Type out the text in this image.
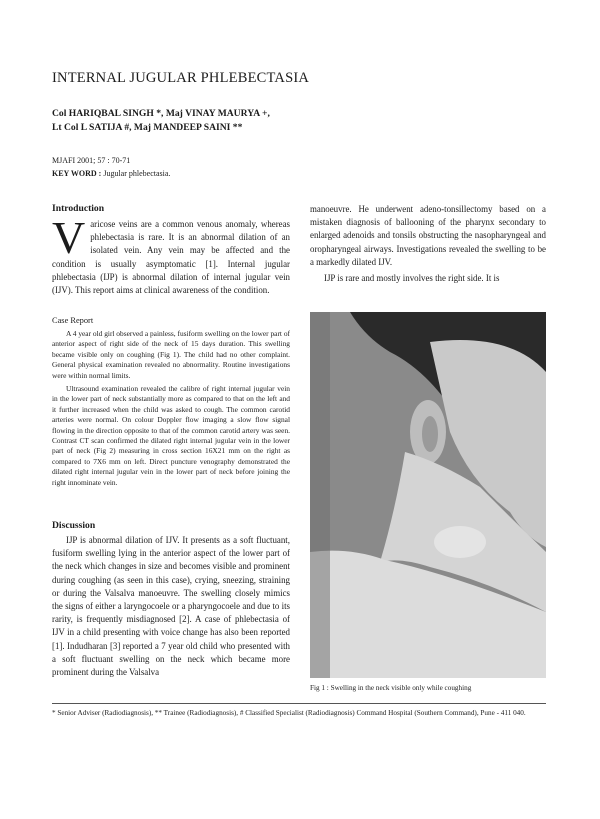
INTERNAL JUGULAR PHLEBECTASIA
Col HARIQBAL SINGH *, Maj VINAY MAURYA +,
Lt Col L SATIJA #, Maj MANDEEP SAINI **
MJAFI 2001; 57 : 70-71
KEY WORD : Jugular phlebectasia.
Introduction

Varicose veins are a common venous anomaly, whereas phlebectasia is rare. It is an abnormal dilation of an isolated vein. Any vein may be affected and the condition is usually asymptomatic [1]. Internal jugular phlebectasia (IJP) is abnormal dilation of internal jugular vein (IJV). This report aims at clinical awareness of the condition.

Case Report

A 4 year old girl observed a painless, fusiform swelling on the lower part of anterior aspect of right side of the neck of 15 days duration. This swelling became visible only on coughing (Fig 1). The child had no other complaint. General physical examination revealed no abnormality. Routine investigations were within normal limits.

Ultrasound examination revealed the calibre of right internal jugular vein in the lower part of neck substantially more as compared to that on the left and it further increased when the child was asked to cough. The common carotid arteries were normal. On colour Doppler flow imaging a slow flow signal flowing in the direction opposite to that of the common carotid artery was seen. Contrast CT scan confirmed the dilated right internal jugular vein in the lower part of neck (Fig 2) measuring in cross section 16X21 mm on the right as compared to 7X6 mm on left. Direct puncture venography demonstrated the dilated right internal jugular vein in the lower part of neck before joining the right innominate vein.

Discussion

IJP is abnormal dilation of IJV. It presents as a soft fluctuant, fusiform swelling lying in the anterior aspect of the lower part of the neck which changes in size and becomes visible and prominent during coughing (as seen in this case), crying, sneezing, straining or during the Valsalva manoeuvre. The swelling closely mimics the signs of either a laryngocoele or a pharyngocoele and due to its rarity, is frequently misdiagnosed [2]. A case of phlebectasia of IJV in a child presenting with voice change has also been reported [1]. Indudharan [3] reported a 7 year old child who presented with a soft fluctuant swelling on the neck which became more prominent during the Valsalva

manoeuvre. He underwent adeno-tonsillectomy based on a mistaken diagnosis of ballooning of the pharynx secondary to enlarged adenoids and tonsils obstructing the nasopharyngeal and oropharyngeal airways. Investigations revealed the swelling to be a markedly dilated IJV.

IJP is rare and mostly involves the right side. It is

Fig 1 : Swelling in the neck visible only while coughing
* Senior Adviser (Radiodiagnosis), ** Trainee (Radiodiagnosis), # Classified Specialist (Radiodiagnosis) Command Hospital (Southern Command), Pune - 411 040.
